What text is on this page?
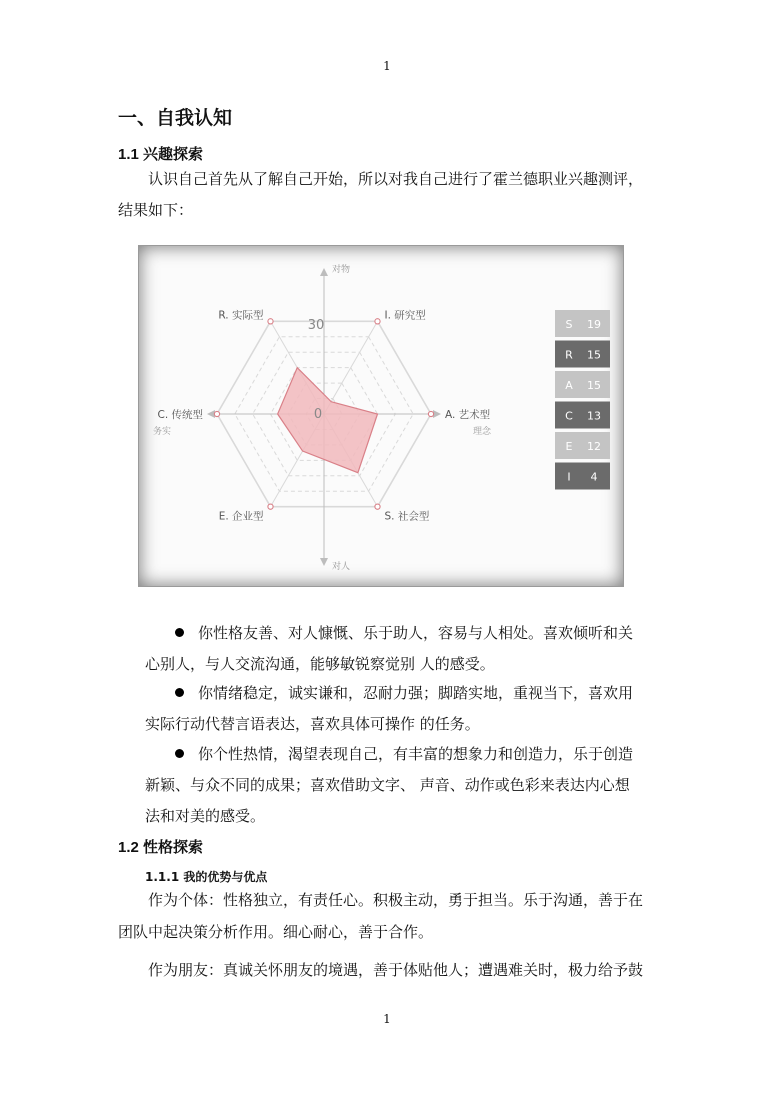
1
一、自我认知
1.1 兴趣探索
认识自己首先从了解自己开始，所以对我自己进行了霍兰德职业兴趣测评，
结果如下：
I. 研究型
A. 艺术型
S. 社会型
E. 企业型
C. 传统型
R. 实际型
30
0
对物
对人
务实	理念
S 19
R 15
A 15
C 13
E 12
I 4
你性格友善、对人慷慨、乐于助人，容易与人相处。喜欢倾听和关
心别人，与人交流沟通，能够敏锐察觉别 人的感受。
你情绪稳定，诚实谦和，忍耐力强；脚踏实地，重视当下，喜欢用
实际行动代替言语表达，喜欢具体可操作 的任务。
你个性热情，渴望表现自己，有丰富的想象力和创造力，乐于创造
新颖、与众不同的成果；喜欢借助文字、 声音、动作或色彩来表达内心想
法和对美的感受。
1.2 性格探索
1.1.1 我的优势与优点
作为个体：性格独立，有责任心。积极主动，勇于担当。乐于沟通，善于在
团队中起决策分析作用。细心耐心，善于合作。
作为朋友：真诚关怀朋友的境遇，善于体贴他人；遭遇难关时，极力给予鼓
1
